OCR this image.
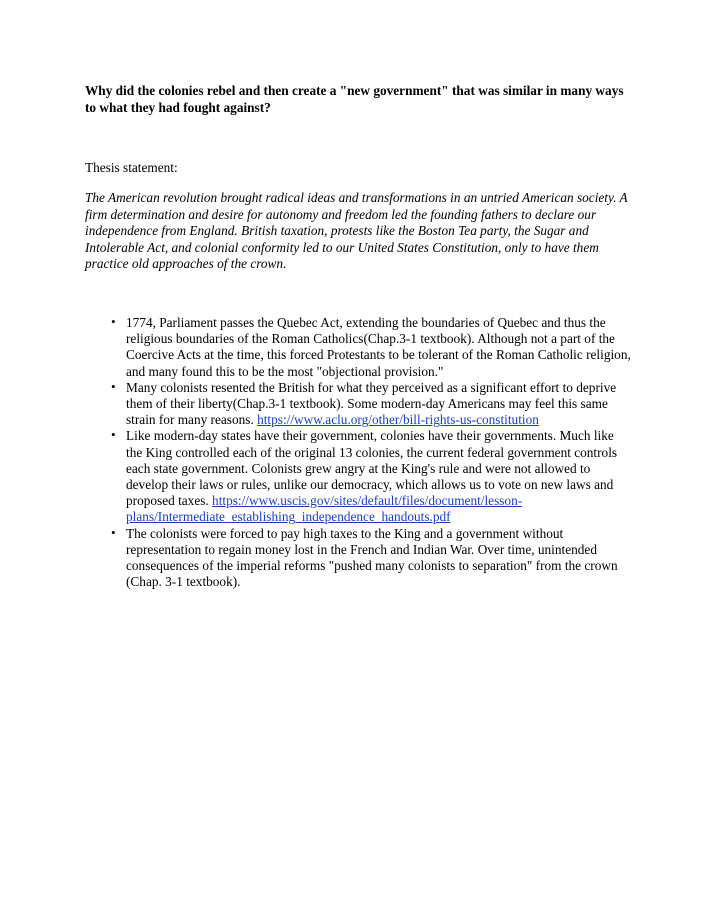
Why did the colonies rebel and then create a "new government" that was similar in many ways to what they had fought against?
Thesis statement:
The American revolution brought radical ideas and transformations in an untried American society. A firm determination and desire for autonomy and freedom led the founding fathers to declare our independence from England. British taxation, protests like the Boston Tea party, the Sugar and Intolerable Act, and colonial conformity led to our United States Constitution, only to have them practice old approaches of the crown.
• 1774, Parliament passes the Quebec Act, extending the boundaries of Quebec and thus the religious boundaries of the Roman Catholics(Chap.3-1 textbook). Although not a part of the Coercive Acts at the time, this forced Protestants to be tolerant of the Roman Catholic religion, and many found this to be the most "objectional provision."
• Many colonists resented the British for what they perceived as a significant effort to deprive them of their liberty(Chap.3-1 textbook). Some modern-day Americans may feel this same strain for many reasons. https://www.aclu.org/other/bill-rights-us-constitution
• Like modern-day states have their government, colonies have their governments. Much like the King controlled each of the original 13 colonies, the current federal government controls each state government. Colonists grew angry at the King's rule and were not allowed to develop their laws or rules, unlike our democracy, which allows us to vote on new laws and proposed taxes. https://www.uscis.gov/sites/default/files/document/lesson-plans/Intermediate_establishing_independence_handouts.pdf
• The colonists were forced to pay high taxes to the King and a government without representation to regain money lost in the French and Indian War. Over time, unintended consequences of the imperial reforms "pushed many colonists to separation" from the crown (Chap. 3-1 textbook).
